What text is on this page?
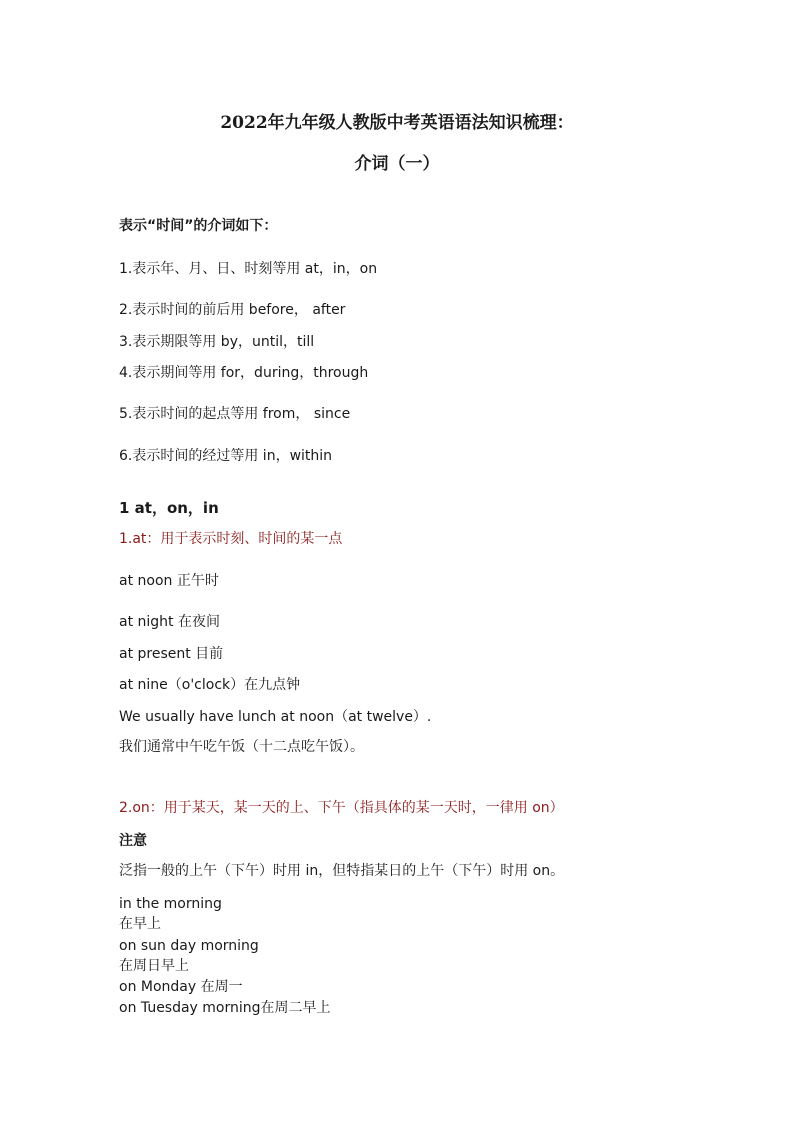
2022年九年级人教版中考英语语法知识梳理：
介词（一）
表示“时间”的介词如下：
1.表示年、月、日、时刻等用 at，in，on
2.表示时间的前后用 before， after
3.表示期限等用 by，until，till
4.表示期间等用 for，during，through
5.表示时间的起点等用 from， since
6.表示时间的经过等用 in，within
1 at，on，in
1.at：用于表示时刻、时间的某一点
at noon 正午时
at night 在夜间
at present 目前
at nine（o'clock）在九点钟
We usually have lunch at noon（at twelve）.
我们通常中午吃午饭（十二点吃午饭）。
2.on：用于某天，某一天的上、下午（指具体的某一天时，一律用 on）
注意
泛指一般的上午（下午）时用 in，但特指某日的上午（下午）时用 on。
in the morning
在早上
on sun day morning
在周日早上
on Monday 在周一
on Tuesday morning在周二早上
